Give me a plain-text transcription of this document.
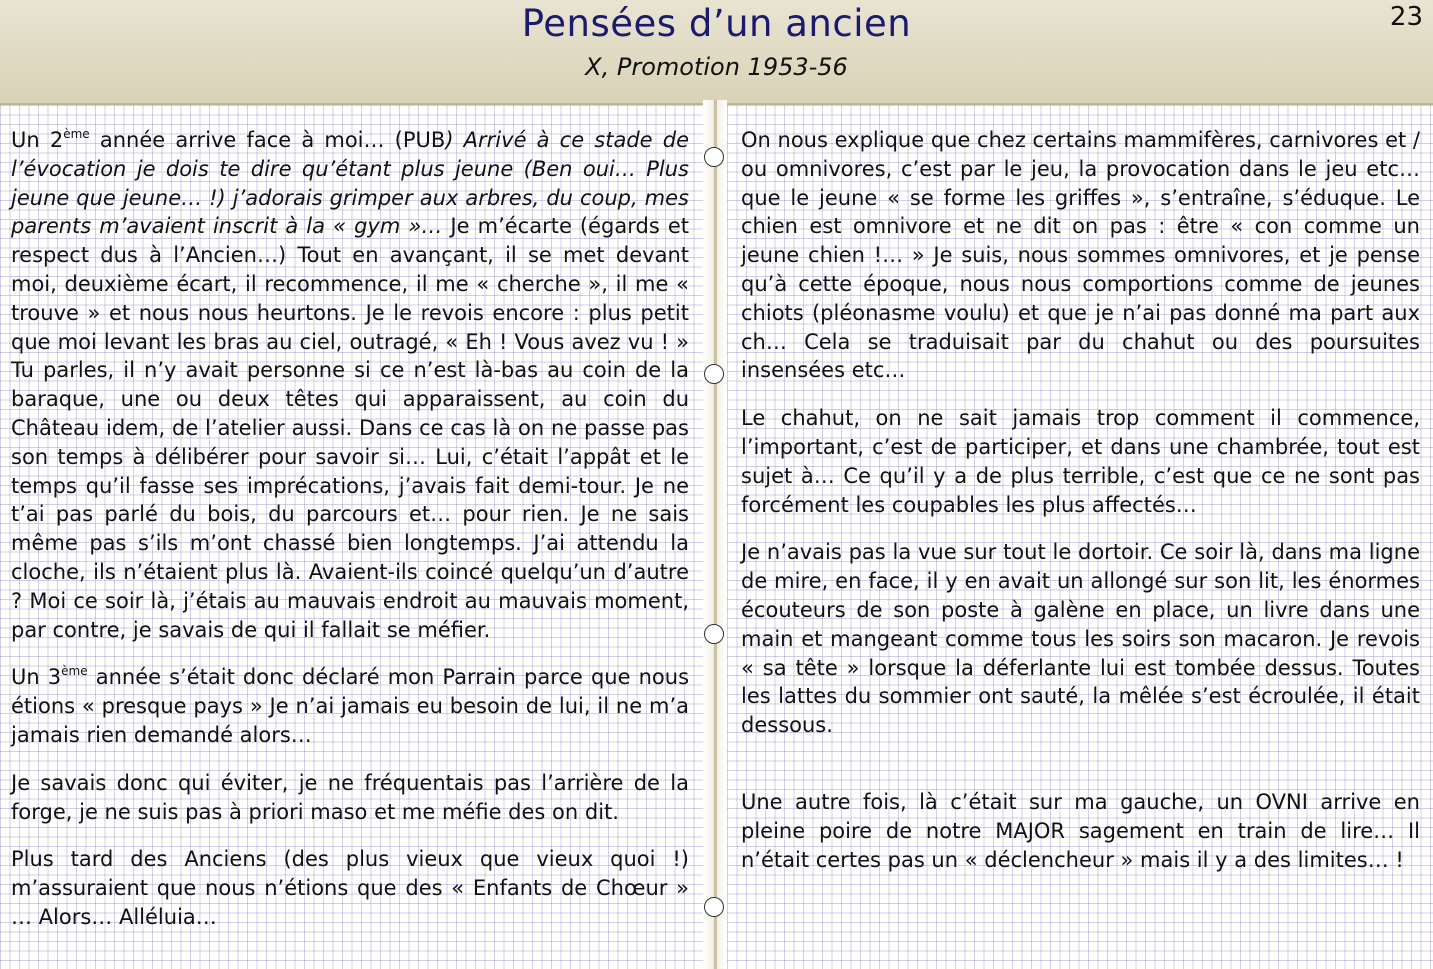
Pensées d’un ancien
X, Promotion 1953-56
23

Un 2ème année arrive face à moi… (PUB) Arrivé à ce stade de l’évocation je dois te dire qu’étant plus jeune (Ben oui… Plus jeune que jeune… !) j’adorais grimper aux arbres, du coup, mes parents m’avaient inscrit à la « gym »… Je m’écarte (égards et respect dus à l’Ancien…) Tout en avançant, il se met devant moi, deuxième écart, il recommence, il me « cherche », il me « trouve » et nous nous heurtons. Je le revois encore : plus petit que moi levant les bras au ciel, outragé, « Eh ! Vous avez vu ! » Tu parles, il n’y avait personne si ce n’est là-bas au coin de la baraque, une ou deux têtes qui apparaissent, au coin du Château idem, de l’atelier aussi. Dans ce cas là on ne passe pas son temps à délibérer pour savoir si… Lui, c’était l’appât et le temps qu’il fasse ses imprécations, j’avais fait demi-tour. Je ne t’ai pas parlé du bois, du parcours et… pour rien. Je ne sais même pas s’ils m’ont chassé bien longtemps. J’ai attendu la cloche, ils n’étaient plus là. Avaient-ils coincé quelqu’un d’autre ? Moi ce soir là, j’étais au mauvais endroit au mauvais moment, par contre, je savais de qui il fallait se méfier.

Un 3ème année s’était donc déclaré mon Parrain parce que nous étions « presque pays » Je n’ai jamais eu besoin de lui, il ne m’a jamais rien demandé alors…

Je savais donc qui éviter, je ne fréquentais pas l’arrière de la forge, je ne suis pas à priori maso et me méfie des on dit.

Plus tard des Anciens (des plus vieux que vieux quoi !) m’assuraient que nous n’étions que des « Enfants de Chœur » … Alors… Alléluia…

On nous explique que chez certains mammifères, carnivores et / ou omnivores, c’est par le jeu, la provocation dans le jeu etc… que le jeune « se forme les griffes », s’entraîne, s’éduque. Le chien est omnivore et ne dit on pas : être « con comme un jeune chien !… » Je suis, nous sommes omnivores, et je pense qu’à cette époque, nous nous comportions comme de jeunes chiots (pléonasme voulu) et que je n’ai pas donné ma part aux ch… Cela se traduisait par du chahut ou des poursuites insensées etc…

Le chahut, on ne sait jamais trop comment il commence, l’important, c’est de participer, et dans une chambrée, tout est sujet à… Ce qu’il y a de plus terrible, c’est que ce ne sont pas forcément les coupables les plus affectés…

Je n’avais pas la vue sur tout le dortoir. Ce soir là, dans ma ligne de mire, en face, il y en avait un allongé sur son lit, les énormes écouteurs de son poste à galène en place, un livre dans une main et mangeant comme tous les soirs son macaron. Je revois « sa tête » lorsque la déferlante lui est tombée dessus. Toutes les lattes du sommier ont sauté, la mêlée s’est écroulée, il était dessous.

Une autre fois, là c’était sur ma gauche, un OVNI arrive en pleine poire de notre MAJOR sagement en train de lire… Il n’était certes pas un « déclencheur » mais il y a des limites… !
